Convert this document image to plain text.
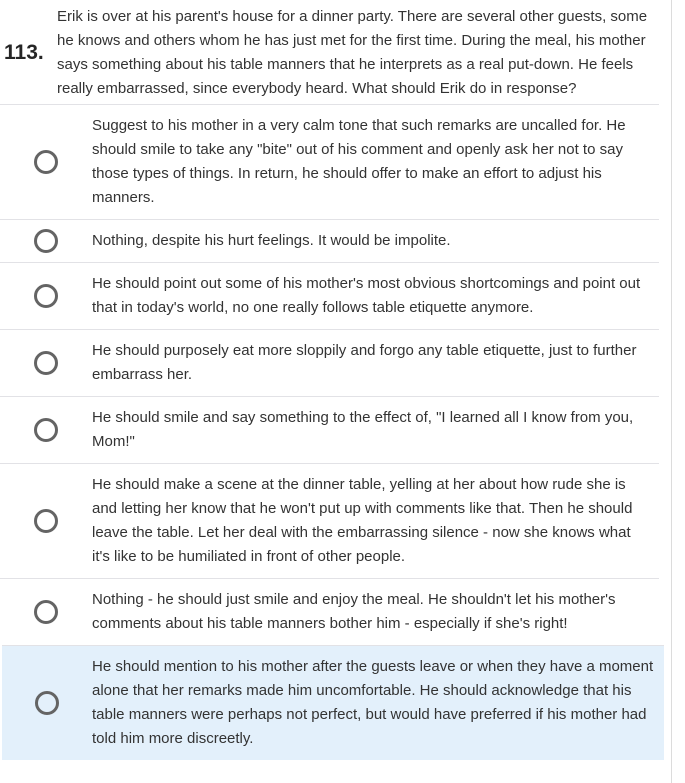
113.
Erik is over at his parent's house for a dinner party. There are several other guests, some he knows and others whom he has just met for the first time. During the meal, his mother says something about his table manners that he interprets as a real put-down. He feels really embarrassed, since everybody heard. What should Erik do in response?
Suggest to his mother in a very calm tone that such remarks are uncalled for. He should smile to take any "bite" out of his comment and openly ask her not to say those types of things. In return, he should offer to make an effort to adjust his manners.
Nothing, despite his hurt feelings. It would be impolite.
He should point out some of his mother's most obvious shortcomings and point out that in today's world, no one really follows table etiquette anymore.
He should purposely eat more sloppily and forgo any table etiquette, just to further embarrass her.
He should smile and say something to the effect of, "I learned all I know from you, Mom!"
He should make a scene at the dinner table, yelling at her about how rude she is and letting her know that he won't put up with comments like that. Then he should leave the table. Let her deal with the embarrassing silence - now she knows what it's like to be humiliated in front of other people.
Nothing - he should just smile and enjoy the meal. He shouldn't let his mother's comments about his table manners bother him - especially if she's right!
He should mention to his mother after the guests leave or when they have a moment alone that her remarks made him uncomfortable. He should acknowledge that his table manners were perhaps not perfect, but would have preferred if his mother had told him more discreetly.
